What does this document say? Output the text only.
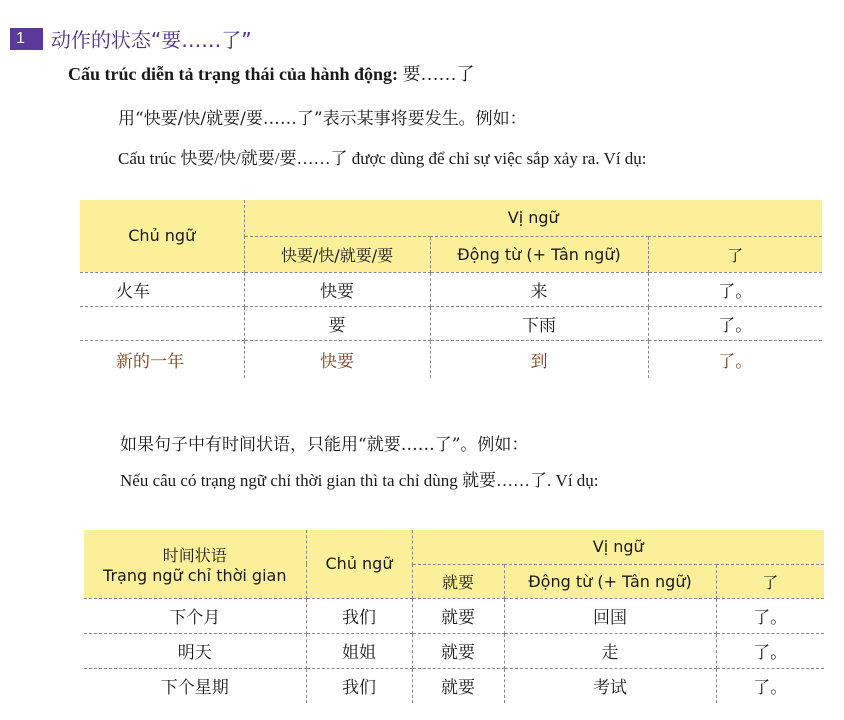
1	动作的状态“要……了”
Cấu trúc diễn tả trạng thái của hành động: 要……了
用“快要/快/就要/要……了”表示某事将要发生。例如：
Cấu trúc 快要/快/就要/要……了 được dùng để chỉ sự việc sắp xảy ra. Ví dụ:
Chủ ngữ	Vị ngữ		
	快要/快/就要/要	Động từ (+ Tân ngữ)	了
火车	快要	来	了。
	要	下雨	了。
新的一年	快要	到	了。
如果句子中有时间状语，只能用“就要……了”。例如：
Nếu câu có trạng ngữ chỉ thời gian thì ta chỉ dùng 就要……了. Ví dụ:
时间状语
Trạng ngữ chỉ thời gian	Chủ ngữ	Vị ngữ		
		就要	Động từ (+ Tân ngữ)	了
下个月	我们	就要	回国	了。
明天	姐姐	就要	走	了。
下个星期	我们	就要	考试	了。
